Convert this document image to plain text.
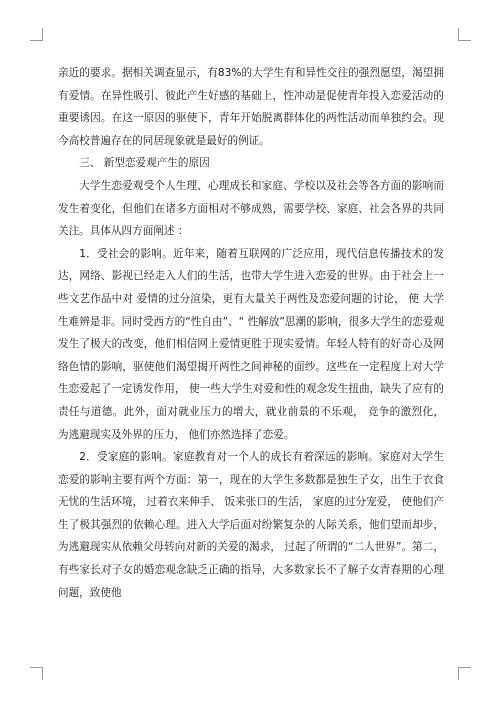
亲近的要求。据相关调查显示，有83%的大学生有和异性交往的强烈愿望，渴望拥有爱情。在异性吸引、彼此产生好感的基础上，性冲动是促使青年投入恋爱活动的重要诱因。在这一原因的驱使下，青年开始脱离群体化的两性活动而单独约会。现今高校普遍存在的同居现象就是最好的例证。

三、 新型恋爱观产生的原因

大学生恋爱观受个人生理、心理成长和家庭、学校以及社会等各方面的影响而发生着变化，但他们在诸多方面相对不够成熟，需要学校、家庭、社会各界的共同关注。具体从四方面阐述 ：

1．受社会的影响。近年来，随着互联网的广泛应用，现代信息传播技术的发达，网络、影视已经走入人们的生活，也带大学生进入恋爱的世界。由于社会上一些文艺作品中对 爱情的过分渲染，更有大量关于两性及恋爱问题的讨论， 使 大学生难辨是非。同时受西方的“性自由”、“ 性解放”思潮的影响，很多大学生的恋爱观发生了极大的改变，他们相信网上爱情更胜于现实爱情。年轻人特有的好奇心及网络色情的影响，驱使他们渴望揭开两性之间神秘的面纱。这些在一定程度上对大学生恋爱起了一定诱发作用， 使一些大学生对爱和性的观念发生扭曲，缺失了应有的责任与道德。此外，面对就业压力的增大，就业前景的不乐观， 竞争的激烈化， 为逃避现实及外界的压力， 他们亦然选择了恋爱。

2．受家庭的影响。家庭教育对一个人的成长有着深远的影响。家庭对大学生恋爱的影响主要有两个方面：第一，现在的大学生多数都是独生子女，出生于衣食无忧的生活环境， 过着衣来伸手、 饭来张口的生活， 家庭的过分宠爱， 使他们产生了极其强烈的依赖心理。进入大学后面对纷繁复杂的人际关系，他们望而却步，为逃避现实从依赖父母转向对新的关爱的渴求， 过起了所谓的“二人世界”。第二，有些家长对子女的婚恋观念缺乏正确的指导，大多数家长不了解子女青春期的心理问题，致使他
